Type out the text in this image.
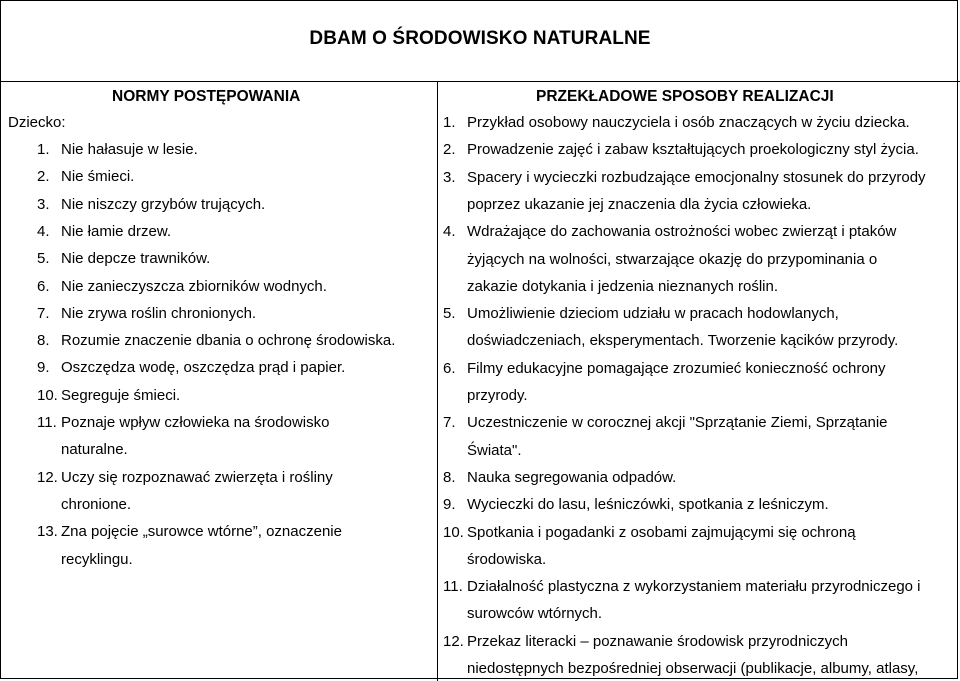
DBAM O ŚRODOWISKO NATURALNE
NORMY POSTĘPOWANIA	PRZEKŁADOWE SPOSOBY REALIZACJI
Dziecko:
1. Nie hałasuje w lesie.
2. Nie śmieci.
3. Nie niszczy grzybów trujących.
4. Nie łamie drzew.
5. Nie depcze trawników.
6. Nie zanieczyszcza zbiorników wodnych.
7. Nie zrywa roślin chronionych.
8. Rozumie znaczenie dbania o ochronę środowiska.
9. Oszczędza wodę, oszczędza prąd i papier.
10. Segreguje śmieci.
11. Poznaje wpływ człowieka na środowisko
naturalne.
12. Uczy się rozpoznawać zwierzęta i rośliny
chronione.
13. Zna pojęcie „surowce wtórne”, oznaczenie
recyklingu.
1. Przykład osobowy nauczyciela i osób znaczących w życiu dziecka.
2. Prowadzenie zajęć i zabaw kształtujących proekologiczny styl życia.
3. Spacery i wycieczki rozbudzające emocjonalny stosunek do przyrody
poprzez ukazanie jej znaczenia dla życia człowieka.
4. Wdrażające do zachowania ostrożności wobec zwierząt i ptaków
żyjących na wolności, stwarzające okazję do przypominania o
zakazie dotykania i jedzenia nieznanych roślin.
5. Umożliwienie dzieciom udziału w pracach hodowlanych,
doświadczeniach, eksperymentach. Tworzenie kącików przyrody.
6. Filmy edukacyjne pomagające zrozumieć konieczność ochrony
przyrody.
7. Uczestniczenie w corocznej akcji "Sprzątanie Ziemi, Sprzątanie
Świata".
8. Nauka segregowania odpadów.
9. Wycieczki do lasu, leśniczówki, spotkania z leśniczym.
10. Spotkania i pogadanki z osobami zajmującymi się ochroną
środowiska.
11. Działalność plastyczna z wykorzystaniem materiału przyrodniczego i
surowców wtórnych.
12. Przekaz literacki – poznawanie środowisk przyrodniczych
niedostępnych bezpośredniej obserwacji (publikacje, albumy, atlasy,
